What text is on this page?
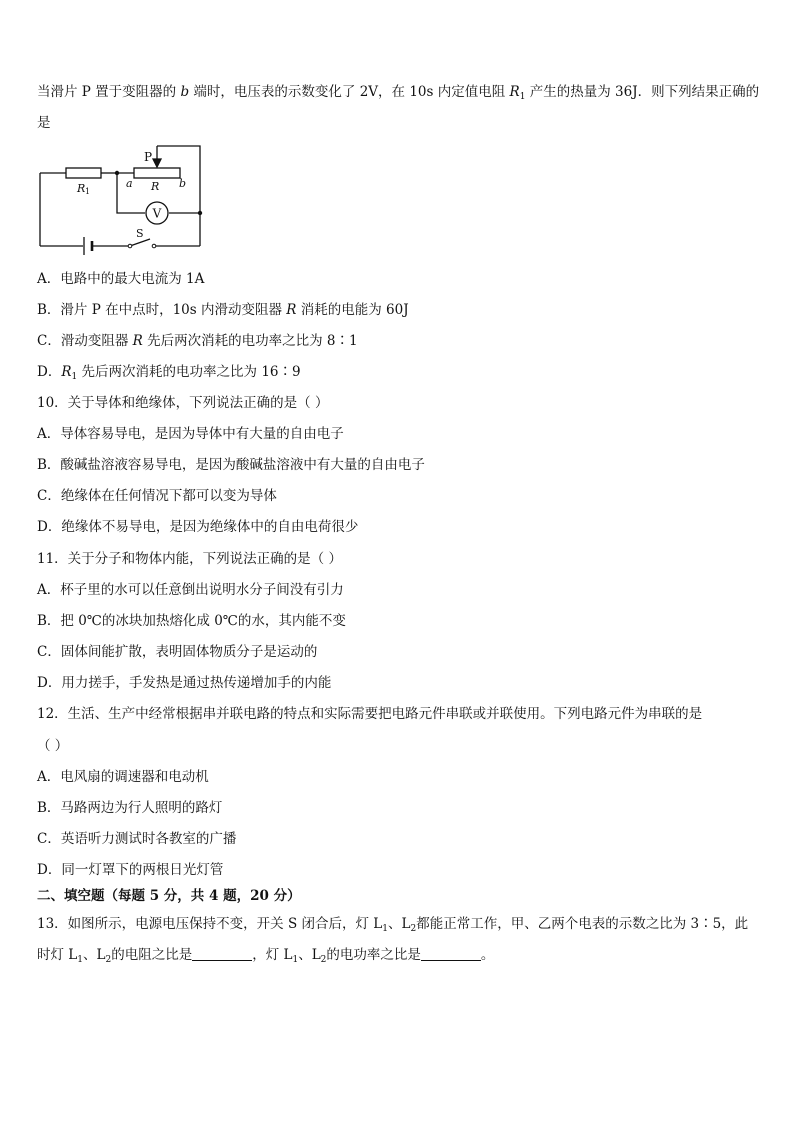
当滑片 P 置于变阻器的 b 端时，电压表的示数变化了 2V，在 10s 内定值电阻 $R_1$ 产生的热量为 36J．则下列结果正确的
是
V
P
R 1
a R b
S
A．电路中的最大电流为 1A
B．滑片 P 在中点时，10s 内滑动变阻器 R 消耗的电能为 60J
C．滑动变阻器 R 先后两次消耗的电功率之比为 8∶1
D．$R_1$ 先后两次消耗的电功率之比为 16∶9
10．关于导体和绝缘体，下列说法正确的是（ ）
A．导体容易导电，是因为导体中有大量的自由电子
B．酸碱盐溶液容易导电，是因为酸碱盐溶液中有大量的自由电子
C．绝缘体在任何情况下都可以变为导体
D．绝缘体不易导电，是因为绝缘体中的自由电荷很少
11．关于分子和物体内能，下列说法正确的是（ ）
A．杯子里的水可以任意倒出说明水分子间没有引力
B．把 0℃的冰块加热熔化成 0℃的水，其内能不变
C．固体间能扩散，表明固体物质分子是运动的
D．用力搓手，手发热是通过热传递增加手的内能
12．生活、生产中经常根据串并联电路的特点和实际需要把电路元件串联或并联使用。下列电路元件为串联的是
（ ）
A．电风扇的调速器和电动机
B．马路两边为行人照明的路灯
C．英语听力测试时各教室的广播
D．同一灯罩下的两根日光灯管
二、填空题（每题 5 分，共 4 题，20 分）
13．如图所示，电源电压保持不变，开关 S 闭合后，灯 $L_1$、$L_2$都能正常工作，甲、乙两个电表的示数之比为 3∶5，此
时灯 $L_1$、$L_2$的电阻之比是	，灯 $L_1$、$L_2$的电功率之比是	。
